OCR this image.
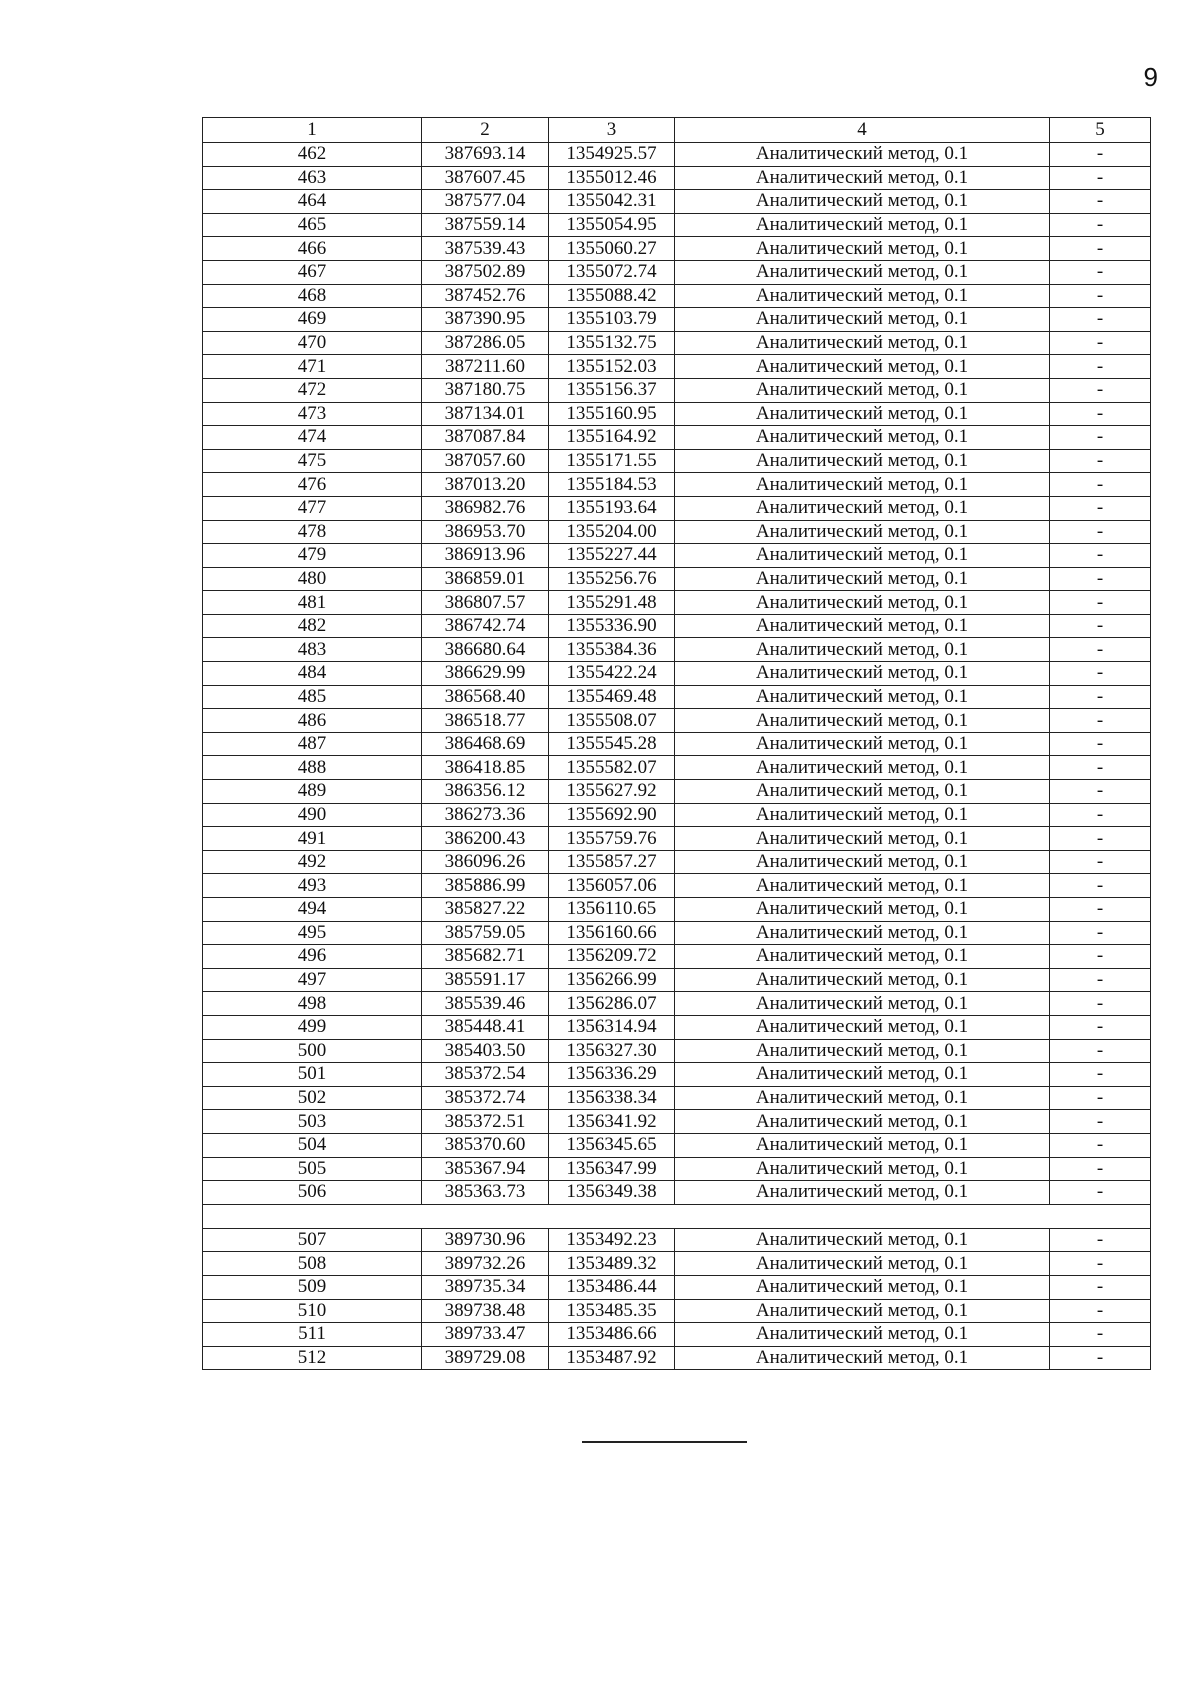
9
1	2	3	4	5
462	387693.14	1354925.57	Аналитический метод, 0.1	-
463	387607.45	1355012.46	Аналитический метод, 0.1	-
464	387577.04	1355042.31	Аналитический метод, 0.1	-
465	387559.14	1355054.95	Аналитический метод, 0.1	-
466	387539.43	1355060.27	Аналитический метод, 0.1	-
467	387502.89	1355072.74	Аналитический метод, 0.1	-
468	387452.76	1355088.42	Аналитический метод, 0.1	-
469	387390.95	1355103.79	Аналитический метод, 0.1	-
470	387286.05	1355132.75	Аналитический метод, 0.1	-
471	387211.60	1355152.03	Аналитический метод, 0.1	-
472	387180.75	1355156.37	Аналитический метод, 0.1	-
473	387134.01	1355160.95	Аналитический метод, 0.1	-
474	387087.84	1355164.92	Аналитический метод, 0.1	-
475	387057.60	1355171.55	Аналитический метод, 0.1	-
476	387013.20	1355184.53	Аналитический метод, 0.1	-
477	386982.76	1355193.64	Аналитический метод, 0.1	-
478	386953.70	1355204.00	Аналитический метод, 0.1	-
479	386913.96	1355227.44	Аналитический метод, 0.1	-
480	386859.01	1355256.76	Аналитический метод, 0.1	-
481	386807.57	1355291.48	Аналитический метод, 0.1	-
482	386742.74	1355336.90	Аналитический метод, 0.1	-
483	386680.64	1355384.36	Аналитический метод, 0.1	-
484	386629.99	1355422.24	Аналитический метод, 0.1	-
485	386568.40	1355469.48	Аналитический метод, 0.1	-
486	386518.77	1355508.07	Аналитический метод, 0.1	-
487	386468.69	1355545.28	Аналитический метод, 0.1	-
488	386418.85	1355582.07	Аналитический метод, 0.1	-
489	386356.12	1355627.92	Аналитический метод, 0.1	-
490	386273.36	1355692.90	Аналитический метод, 0.1	-
491	386200.43	1355759.76	Аналитический метод, 0.1	-
492	386096.26	1355857.27	Аналитический метод, 0.1	-
493	385886.99	1356057.06	Аналитический метод, 0.1	-
494	385827.22	1356110.65	Аналитический метод, 0.1	-
495	385759.05	1356160.66	Аналитический метод, 0.1	-
496	385682.71	1356209.72	Аналитический метод, 0.1	-
497	385591.17	1356266.99	Аналитический метод, 0.1	-
498	385539.46	1356286.07	Аналитический метод, 0.1	-
499	385448.41	1356314.94	Аналитический метод, 0.1	-
500	385403.50	1356327.30	Аналитический метод, 0.1	-
501	385372.54	1356336.29	Аналитический метод, 0.1	-
502	385372.74	1356338.34	Аналитический метод, 0.1	-
503	385372.51	1356341.92	Аналитический метод, 0.1	-
504	385370.60	1356345.65	Аналитический метод, 0.1	-
505	385367.94	1356347.99	Аналитический метод, 0.1	-
506	385363.73	1356349.38	Аналитический метод, 0.1	-

507	389730.96	1353492.23	Аналитический метод, 0.1	-
508	389732.26	1353489.32	Аналитический метод, 0.1	-
509	389735.34	1353486.44	Аналитический метод, 0.1	-
510	389738.48	1353485.35	Аналитический метод, 0.1	-
511	389733.47	1353486.66	Аналитический метод, 0.1	-
512	389729.08	1353487.92	Аналитический метод, 0.1	-
